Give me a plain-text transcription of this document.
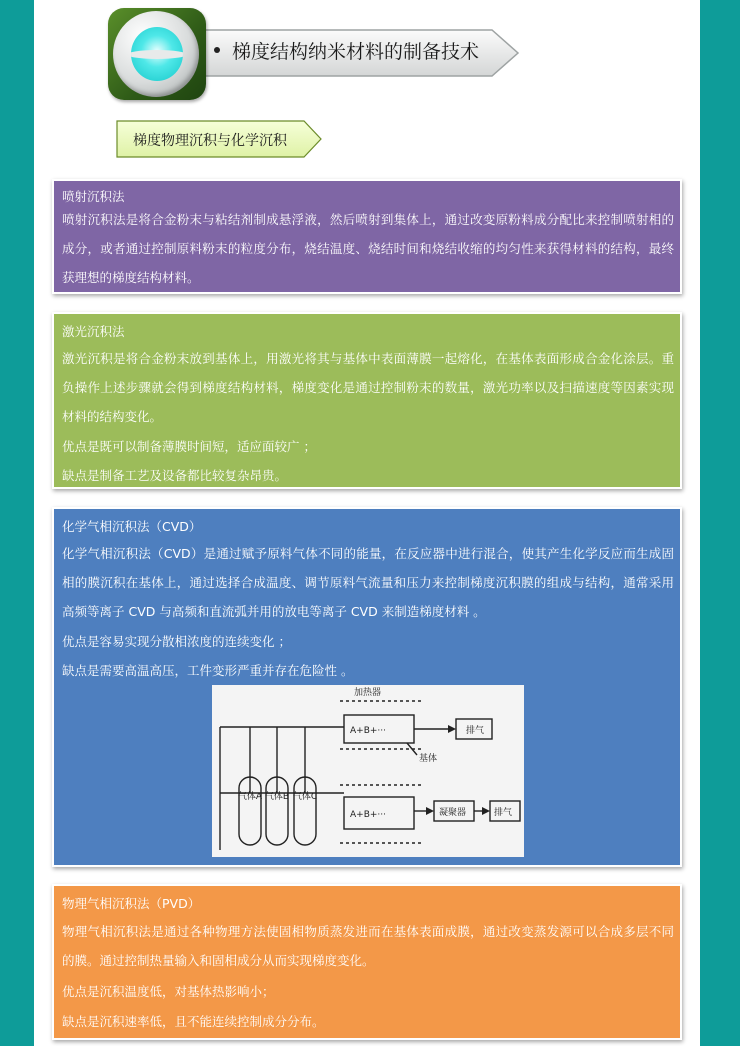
梯度结构纳米材料的制备技术
梯度物理沉积与化学沉积
喷射沉积法
喷射沉积法是将合金粉末与粘结剂制成悬浮液，然后喷射到集体上，通过改变原粉料成分配比来控制喷射相的成分，或者通过控制原料粉末的粒度分布，烧结温度、烧结时间和烧结收缩的均匀性来获得材料的结构，最终获理想的梯度结构材料。
激光沉积法
激光沉积是将合金粉末放到基体上，用激光将其与基体中表面薄膜一起熔化，在基体表面形成合金化涂层。重负操作上述步骤就会得到梯度结构材料，梯度变化是通过控制粉末的数量，激光功率以及扫描速度等因素实现材料的结构变化。
优点是既可以制备薄膜时间短，适应面较广 ；
缺点是制备工艺及设备都比较复杂昂贵。
化学气相沉积法（CVD）
化学气相沉积法（CVD）是通过赋予原料气体不同的能量，在反应器中进行混合，使其产生化学反应而生成固相的膜沉积在基体上，通过选择合成温度、调节原料气流量和压力来控制梯度沉积膜的组成与结构，通常采用高频等离子 CVD 与高频和直流弧并用的放电等离子 CVD 来制造梯度材料 。
优点是容易实现分散相浓度的连续变化 ；
缺点是需要高温高压，工件变形严重并存在危险性 。
气体A 气体B 气体C
加热器
A+B+···	排气
基体
A+B+···	凝聚器	排气
物理气相沉积法（PVD）
物理气相沉积法是通过各种物理方法使固相物质蒸发进而在基体表面成膜，通过改变蒸发源可以合成多层不同的膜。通过控制热量输入和固相成分从而实现梯度变化。
优点是沉积温度低，对基体热影响小；
缺点是沉积速率低，且不能连续控制成分分布。
